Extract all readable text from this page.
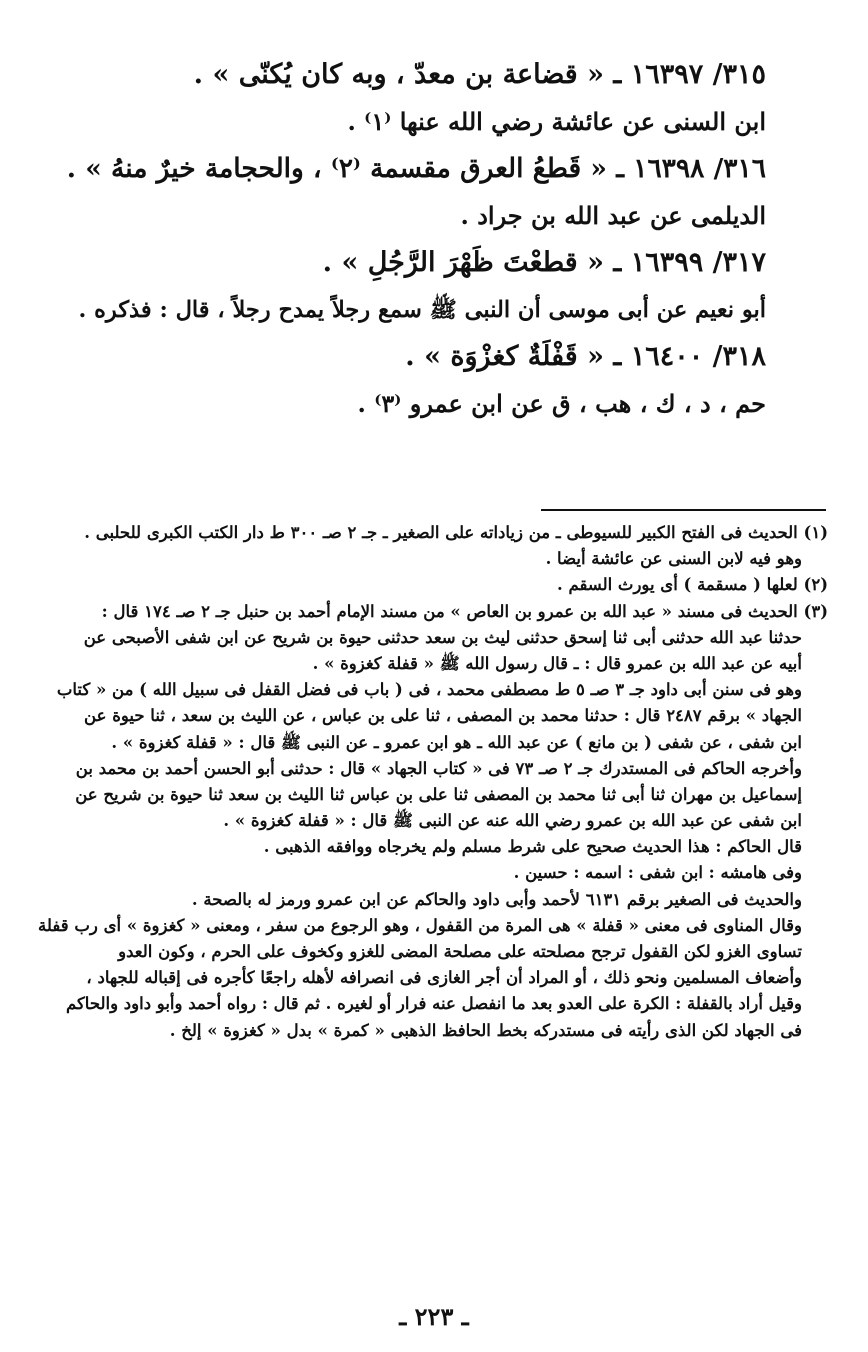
٣١٥/ ١٦٣٩٧ ـ « قضاعة بن معدّ ، وبه كان يُكنّى » .
ابن السنى عن عائشة رضي الله عنها ⁽١⁾ .
٣١٦/ ١٦٣٩٨ ـ « قَطعُ العرق مقسمة ⁽٢⁾ ، والحجامة خيرٌ منهُ » .
الديلمى عن عبد الله بن جراد .
٣١٧/ ١٦٣٩٩ ـ « قطعْتَ ظَهْرَ الرَّجُلِ » .
أبو نعيم عن أبى موسى أن النبى ﷺ سمع رجلاً يمدح رجلاً ، قال : فذكره .
٣١٨/ ١٦٤٠٠ ـ « قَفْلَةٌ كغزْوَة » .
حم ، د ، ك ، هب ، ق عن ابن عمرو ⁽٣⁾ .
(١) الحديث فى الفتح الكبير للسيوطى ـ من زياداته على الصغير ـ جـ ٢ صـ ٣٠٠ ط دار الكتب الكبرى للحلبى .
وهو فيه لابن السنى عن عائشة أيضا .
(٢) لعلها ( مسقمة ) أى يورث السقم .
(٣) الحديث فى مسند « عبد الله بن عمرو بن العاص » من مسند الإمام أحمد بن حنبل جـ ٢ صـ ١٧٤ قال :
حدثنا عبد الله حدثنى أبى ثنا إسحق حدثنى ليث بن سعد حدثنى حيوة بن شريح عن ابن شفى الأصبحى عن
أبيه عن عبد الله بن عمرو قال : ـ قال رسول الله ﷺ « قفلة كغزوة » .
وهو فى سنن أبى داود جـ ٣ صـ ٥ ط مصطفى محمد ، فى ( باب فى فضل القفل فى سبيل الله ) من « كتاب
الجهاد » برقم ٢٤٨٧ قال : حدثنا محمد بن المصفى ، ثنا على بن عباس ، عن الليث بن سعد ، ثنا حيوة عن
ابن شفى ، عن شفى ( بن مانع ) عن عبد الله ـ هو ابن عمرو ـ عن النبى ﷺ قال : « قفلة كغزوة » .
وأخرجه الحاكم فى المستدرك جـ ٢ صـ ٧٣ فى « كتاب الجهاد » قال : حدثنى أبو الحسن أحمد بن محمد بن
إسماعيل بن مهران ثنا أبى ثنا محمد بن المصفى ثنا على بن عباس ثنا الليث بن سعد ثنا حيوة بن شريح عن
ابن شفى عن عبد الله بن عمرو رضي الله عنه عن النبى ﷺ قال : « قفلة كغزوة » .
قال الحاكم : هذا الحديث صحيح على شرط مسلم ولم يخرجاه ووافقه الذهبى .
وفى هامشه : ابن شفى : اسمه : حسين .
والحديث فى الصغير برقم ٦١٣١ لأحمد وأبى داود والحاكم عن ابن عمرو ورمز له بالصحة .
وقال المناوى فى معنى « قفلة » هى المرة من القفول ، وهو الرجوع من سفر ، ومعنى « كغزوة » أى رب قفلة
تساوى الغزو لكن القفول ترجح مصلحته على مصلحة المضى للغزو وكخوف على الحرم ، وكون العدو
وأضعاف المسلمين ونحو ذلك ، أو المراد أن أجر الغازى فى انصرافه لأهله راجعًا كأجره فى إقباله للجهاد ،
وقيل أراد بالقفلة : الكرة على العدو بعد ما انفصل عنه فرار أو لغيره . ثم قال : رواه أحمد وأبو داود والحاكم
فى الجهاد لكن الذى رأيته فى مستدركه بخط الحافظ الذهبى « كمرة » بدل « كغزوة » إلخ .
ـ ٢٢٣ ـ
